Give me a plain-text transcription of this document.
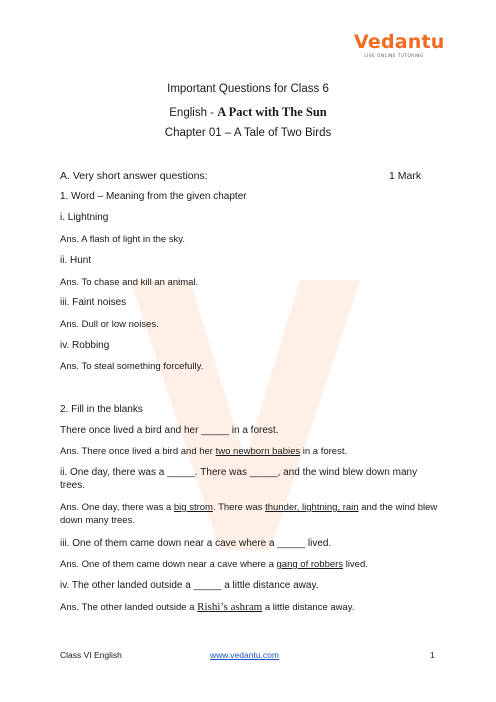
Vedantu
LIVE ONLINE TUTORING
Important Questions for Class 6
English - A Pact with The Sun
Chapter 01 – A Tale of Two Birds
A. Very short answer questions:	1 Mark
1. Word – Meaning from the given chapter
i. Lightning
Ans. A flash of light in the sky.
ii. Hunt
Ans. To chase and kill an animal.
iii. Faint noises
Ans. Dull or low noises.
iv. Robbing
Ans. To steal something forcefully.
2. Fill in the blanks
There once lived a bird and her _____ in a forest.
Ans. There once lived a bird and her two newborn babies in a forest.
ii. One day, there was a _____. There was _____, and the wind blew down many trees.
Ans. One day, there was a big strom. There was thunder, lightning, rain and the wind blew down many trees.
iii. One of them came down near a cave where a _____ lived.
Ans. One of them came down near a cave where a gang of robbers lived.
iv. The other landed outside a _____ a little distance away.
Ans. The other landed outside a Rishi’s ashram a little distance away.
Class VI English	www.vedantu.com	1
